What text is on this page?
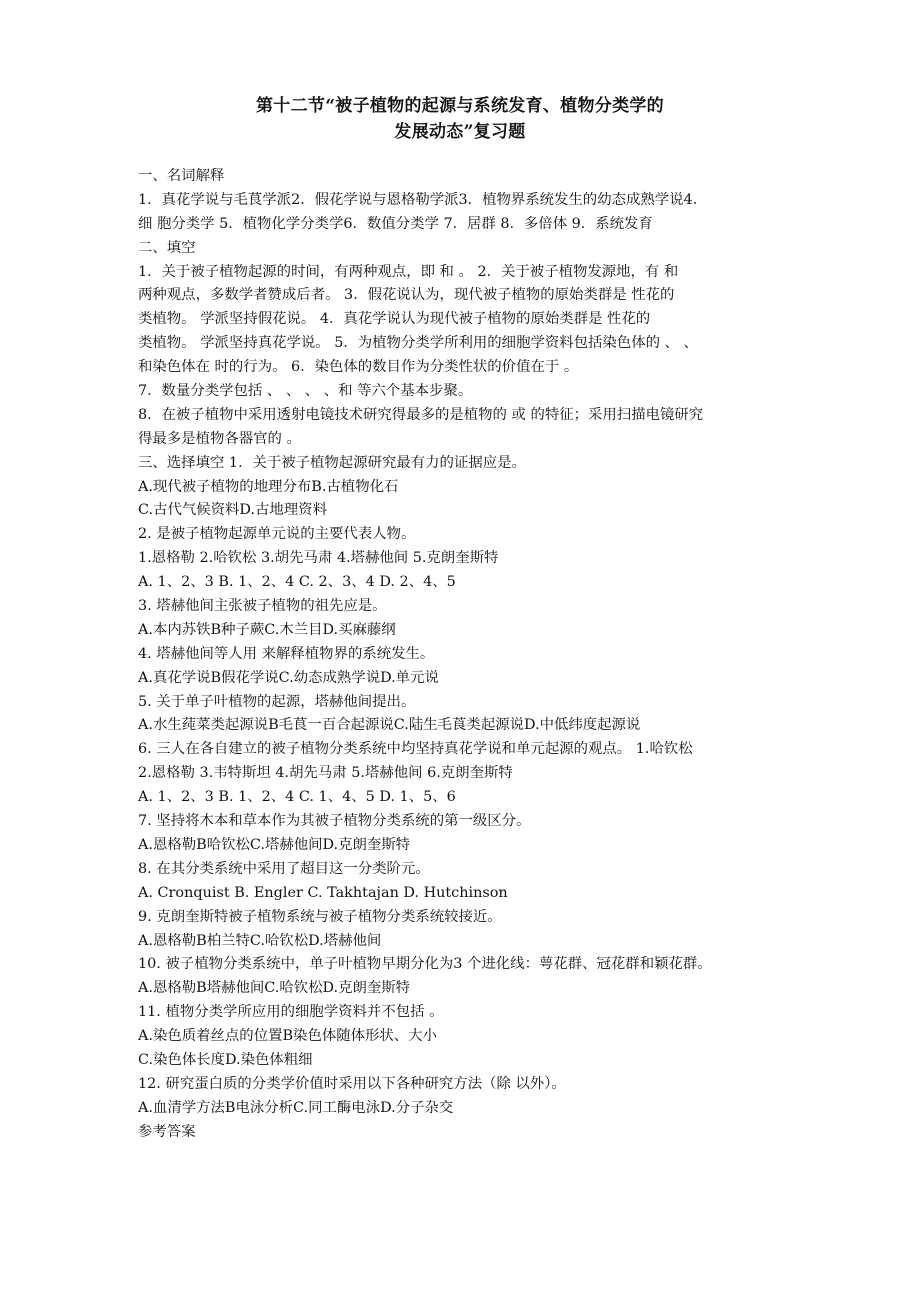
第十二节“被子植物的起源与系统发育、植物分类学的
发展动态”复习题
一、名词解释
1．真花学说与毛茛学派2．假花学说与恩格勒学派3．植物界系统发生的幼态成熟学说4．
细 胞分类学 5．植物化学分类学6．数值分类学 7．居群 8．多倍体 9．系统发育
二、填空
1．关于被子植物起源的时间，有两种观点，即 和 。 2．关于被子植物发源地，有 和
两种观点，多数学者赞成后者。 3．假花说认为，现代被子植物的原始类群是 性花的
类植物。 学派坚持假花说。 4．真花学说认为现代被子植物的原始类群是 性花的
类植物。 学派坚持真花学说。 5．为植物分类学所利用的细胞学资料包括染色体的 、 、
和染色体在 时的行为。 6．染色体的数目作为分类性状的价值在于 。
7．数量分类学包括 、 、 、 、和 等六个基本步聚。
8．在被子植物中采用透射电镜技术研究得最多的是植物的 或 的特征；采用扫描电镜研究
得最多是植物各器官的 。
三、选择填空 1．关于被子植物起源研究最有力的证据应是。
A.现代被子植物的地理分布B.古植物化石
C.古代气候资料D.古地理资料
2. 是被子植物起源单元说的主要代表人物。
1.恩格勒 2.哈钦松 3.胡先马肃 4.塔赫他间 5.克朗奎斯特
A. 1、2、3 B. 1、2、4 C. 2、3、4 D. 2、4、5
3. 塔赫他间主张被子植物的祖先应是。
A.本内苏铁B种子蕨C.木兰目D.买麻藤纲
4. 塔赫他间等人用 来解释植物界的系统发生。
A.真花学说B假花学说C.幼态成熟学说D.单元说
5. 关于单子叶植物的起源，塔赫他间提出。
A.水生莼菜类起源说B毛茛一百合起源说C.陆生毛莨类起源说D.中低纬度起源说
6. 三人在各自建立的被子植物分类系统中均坚持真花学说和单元起源的观点。 1.哈钦松
2.恩格勒 3.韦特斯坦 4.胡先马肃 5.塔赫他间 6.克朗奎斯特
A. 1、2、3 B. 1、2、4 C. 1、4、5 D. 1、5、6
7. 坚持将木本和草本作为其被子植物分类系统的第一级区分。
A.恩格勒B哈钦松C.塔赫他间D.克朗奎斯特
8. 在其分类系统中采用了超目这一分类阶元。
A. Cronquist B. Engler C. Takhtajan D. Hutchinson
9. 克朗奎斯特被子植物系统与被子植物分类系统较接近。
A.恩格勒B柏兰特C.哈钦松D.塔赫他间
10. 被子植物分类系统中，单子叶植物早期分化为3 个进化线：萼花群、冠花群和颖花群。
A.恩格勒B塔赫他间C.哈钦松D.克朗奎斯特
11. 植物分类学所应用的细胞学资料并不包括 。
A.染色质着丝点的位置B染色体随体形状、大小
C.染色体长度D.染色体粗细
12. 研究蛋白质的分类学价值时采用以下各种研究方法（除 以外）。
A.血清学方法B电泳分析C.同工酶电泳D.分子杂交
参考答案
